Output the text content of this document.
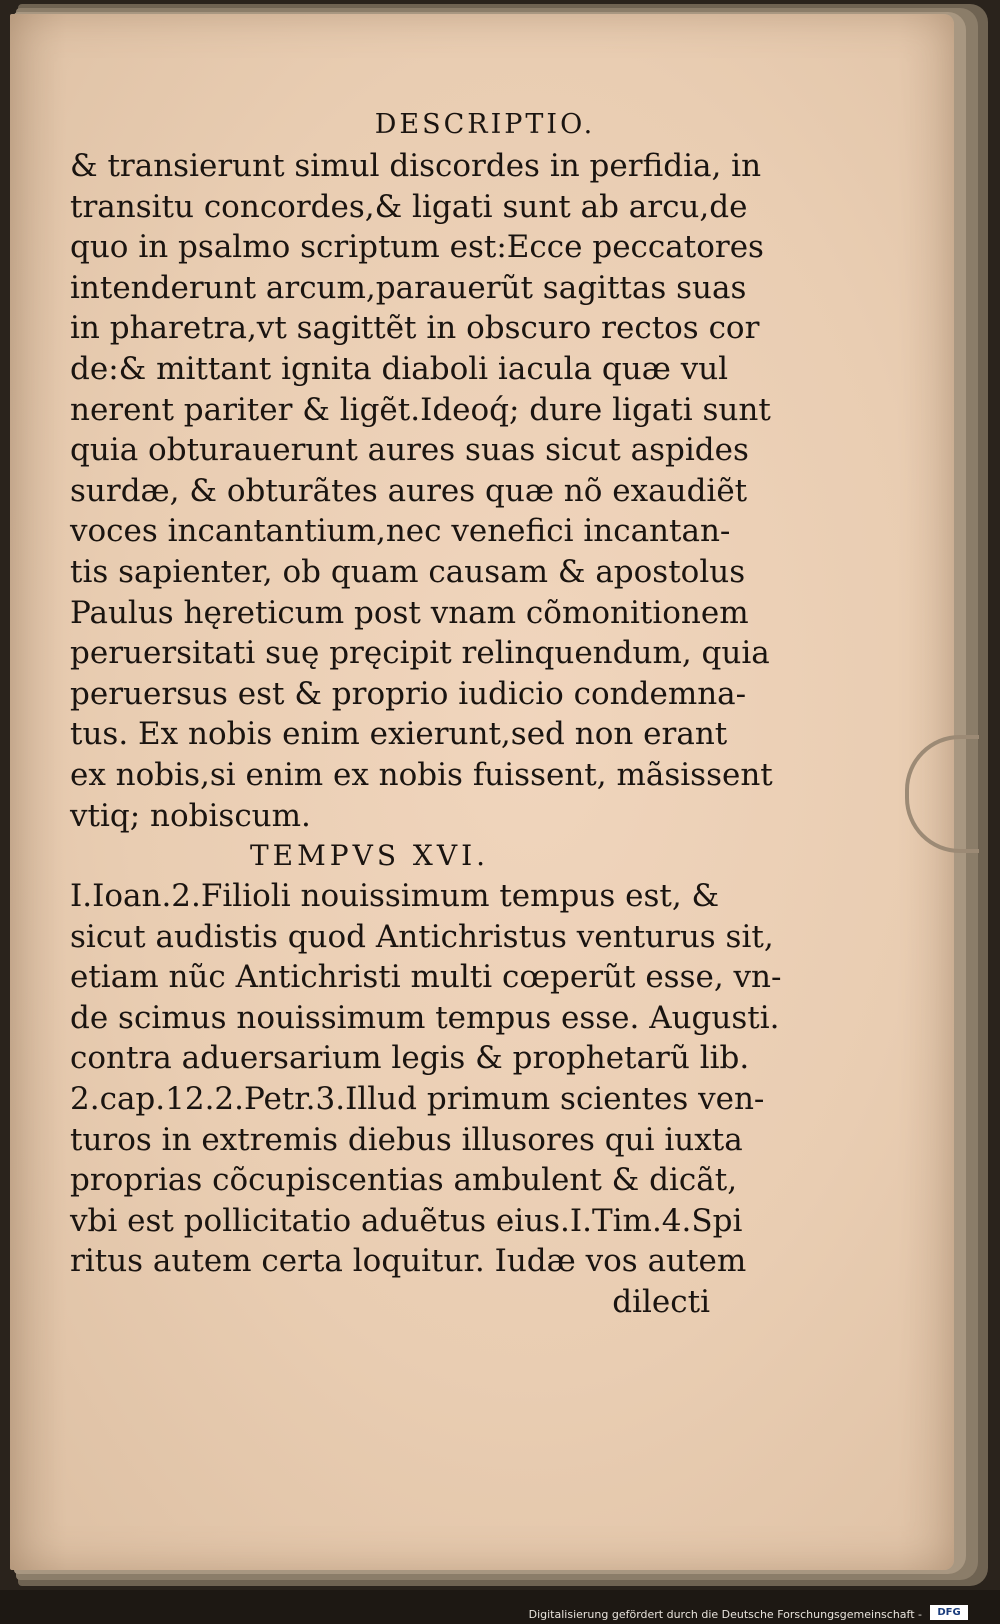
DESCRIPTIO.
& transierunt simul discordes in perfidia, in
transitu concordes,& ligati sunt ab arcu,de
quo in psalmo scriptum est:Ecce peccatores
intenderunt arcum,parauerũt sagittas suas
in pharetra,vt sagittẽt in obscuro rectos cor
de:& mittant ignita diaboli iacula quæ vul
nerent pariter & ligẽt.Ideoq́; dure ligati sunt
quia obturauerunt aures suas sicut aspides
surdæ, & obturãtes aures quæ nõ exaudiẽt
voces incantantium,nec venefici incantan-
tis sapienter, ob quam causam & apostolus
Paulus hęreticum post vnam cõmonitionem
peruersitati suę pręcipit relinquendum, quia
peruersus est & proprio iudicio condemna-
tus. Ex nobis enim exierunt,sed non erant
ex nobis,si enim ex nobis fuissent, mãsissent
vtiq; nobiscum.
TEMPVS XVI.
I.Ioan.2.Filioli nouissimum tempus est, &
sicut audistis quod Antichristus venturus sit,
etiam nũc Antichristi multi cœperũt esse, vn-
de scimus nouissimum tempus esse. Augusti.
contra aduersarium legis & prophetarũ lib.
2.cap.12.2.Petr.3.Illud primum scientes ven-
turos in extremis diebus illusores qui iuxta
proprias cõcupiscentias ambulent & dicãt,
vbi est pollicitatio aduẽtus eius.I.Tim.4.Spi
ritus autem certa loquitur. Iudæ vos autem
dilecti
Digitalisierung gefördert durch die Deutsche Forschungsgemeinschaft -	DFG
